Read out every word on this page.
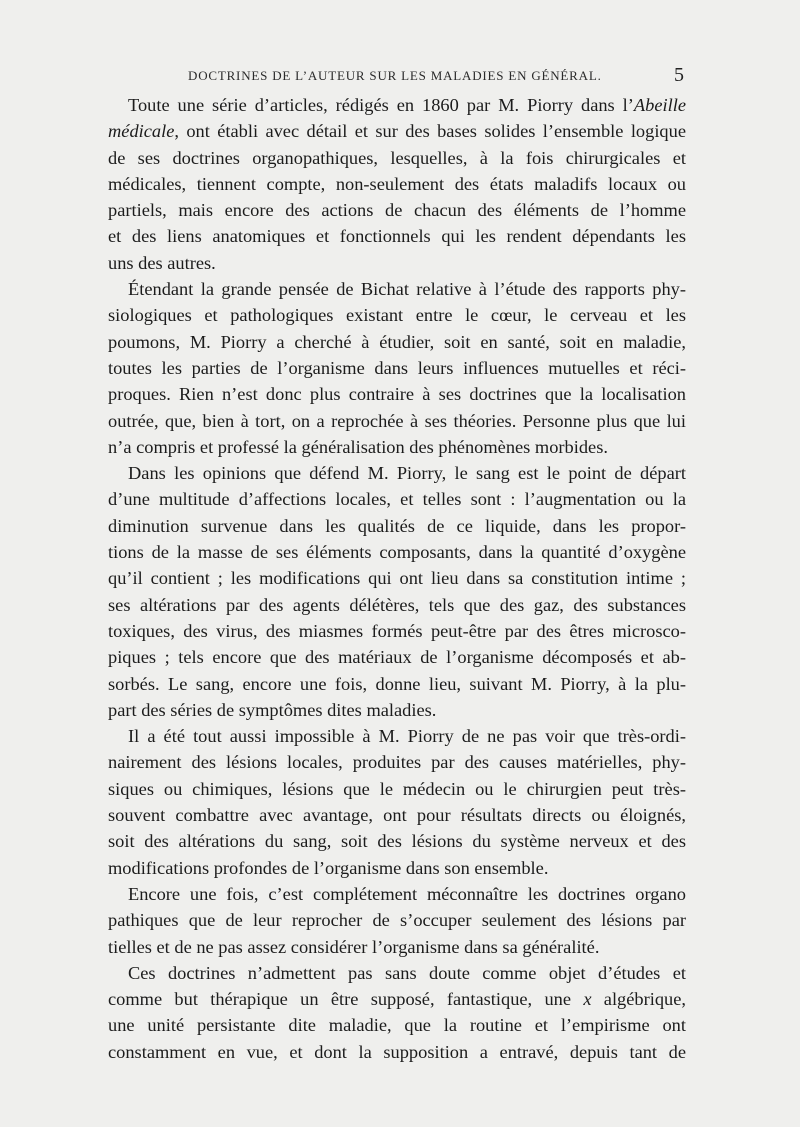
DOCTRINES DE L’AUTEUR SUR LES MALADIES EN GÉNÉRAL.	5
Toute une série d’articles, rédigés en 1860 par M. Piorry dans l’Abeille
médicale, ont établi avec détail et sur des bases solides l’ensemble logique
de ses doctrines organopathiques, lesquelles, à la fois chirurgicales et
médicales, tiennent compte, non-seulement des états maladifs locaux ou
partiels, mais encore des actions de chacun des éléments de l’homme
et des liens anatomiques et fonctionnels qui les rendent dépendants les
uns des autres.
Étendant la grande pensée de Bichat relative à l’étude des rapports phy-
siologiques et pathologiques existant entre le cœur, le cerveau et les
poumons, M. Piorry a cherché à étudier, soit en santé, soit en maladie,
toutes les parties de l’organisme dans leurs influences mutuelles et réci-
proques. Rien n’est donc plus contraire à ses doctrines que la localisation
outrée, que, bien à tort, on a reprochée à ses théories. Personne plus que lui
n’a compris et professé la généralisation des phénomènes morbides.
Dans les opinions que défend M. Piorry, le sang est le point de départ
d’une multitude d’affections locales, et telles sont : l’augmentation ou la
diminution survenue dans les qualités de ce liquide, dans les propor-
tions de la masse de ses éléments composants, dans la quantité d’oxygène
qu’il contient ; les modifications qui ont lieu dans sa constitution intime ;
ses altérations par des agents délétères, tels que des gaz, des substances
toxiques, des virus, des miasmes formés peut-être par des êtres microsco-
piques ; tels encore que des matériaux de l’organisme décomposés et ab-
sorbés. Le sang, encore une fois, donne lieu, suivant M. Piorry, à la plu-
part des séries de symptômes dites maladies.
Il a été tout aussi impossible à M. Piorry de ne pas voir que très-ordi-
nairement des lésions locales, produites par des causes matérielles, phy-
siques ou chimiques, lésions que le médecin ou le chirurgien peut très-
souvent combattre avec avantage, ont pour résultats directs ou éloignés,
soit des altérations du sang, soit des lésions du système nerveux et des
modifications profondes de l’organisme dans son ensemble.
Encore une fois, c’est complétement méconnaître les doctrines organo
pathiques que de leur reprocher de s’occuper seulement des lésions par
tielles et de ne pas assez considérer l’organisme dans sa généralité.
Ces doctrines n’admettent pas sans doute comme objet d’études et
comme but thérapique un être supposé, fantastique, une x algébrique,
une unité persistante dite maladie, que la routine et l’empirisme ont
constamment en vue, et dont la supposition a entravé, depuis tant de
